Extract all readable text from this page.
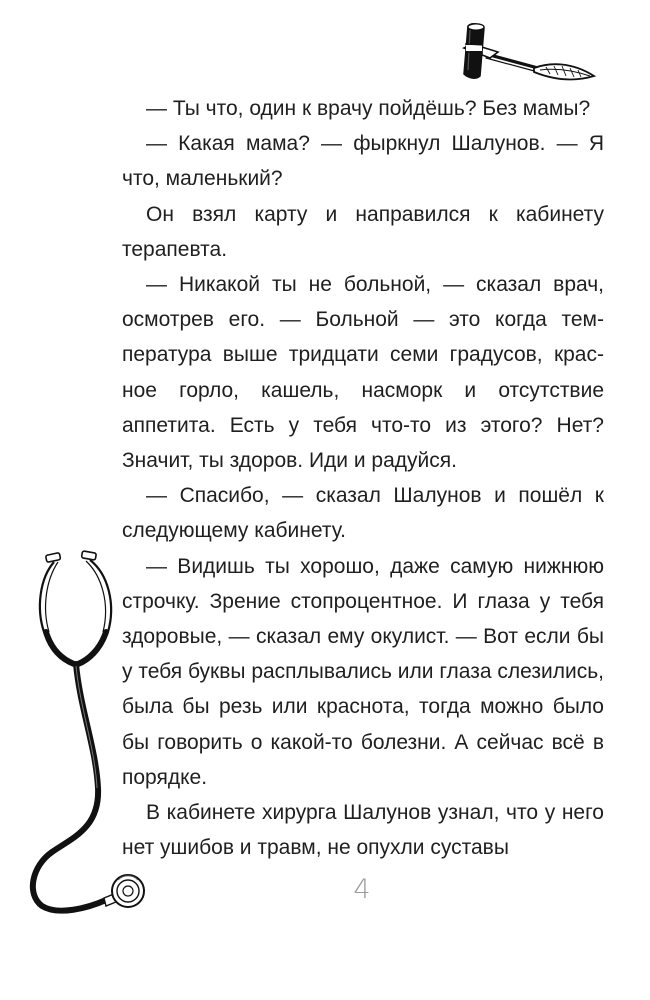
— Ты что, один к врачу пойдёшь? Без мамы?

— Какая мама? — фыркнул Шалунов. — Я что, маленький?

Он взял карту и направился к кабинету терапевта.

— Никакой ты не больной, — сказал врач, осмотрев его. — Больной — это когда температура выше тридцати семи градусов, красное горло, кашель, насморк и отсутствие аппетита. Есть у тебя что-то из этого? Нет? Значит, ты здоров. Иди и радуйся.

— Спасибо, — сказал Шалунов и пошёл к следующему кабинету.

— Видишь ты хорошо, даже самую нижнюю строчку. Зрение стопроцентное. И глаза у тебя здоровые, — сказал ему окулист. — Вот если бы у тебя буквы расплывались или глаза слезились, была бы резь или краснота, тогда можно было бы говорить о какой-то болезни. А сейчас всё в порядке.

В кабинете хирурга Шалунов узнал, что у него нет ушибов и травм, не опухли суставы

4
